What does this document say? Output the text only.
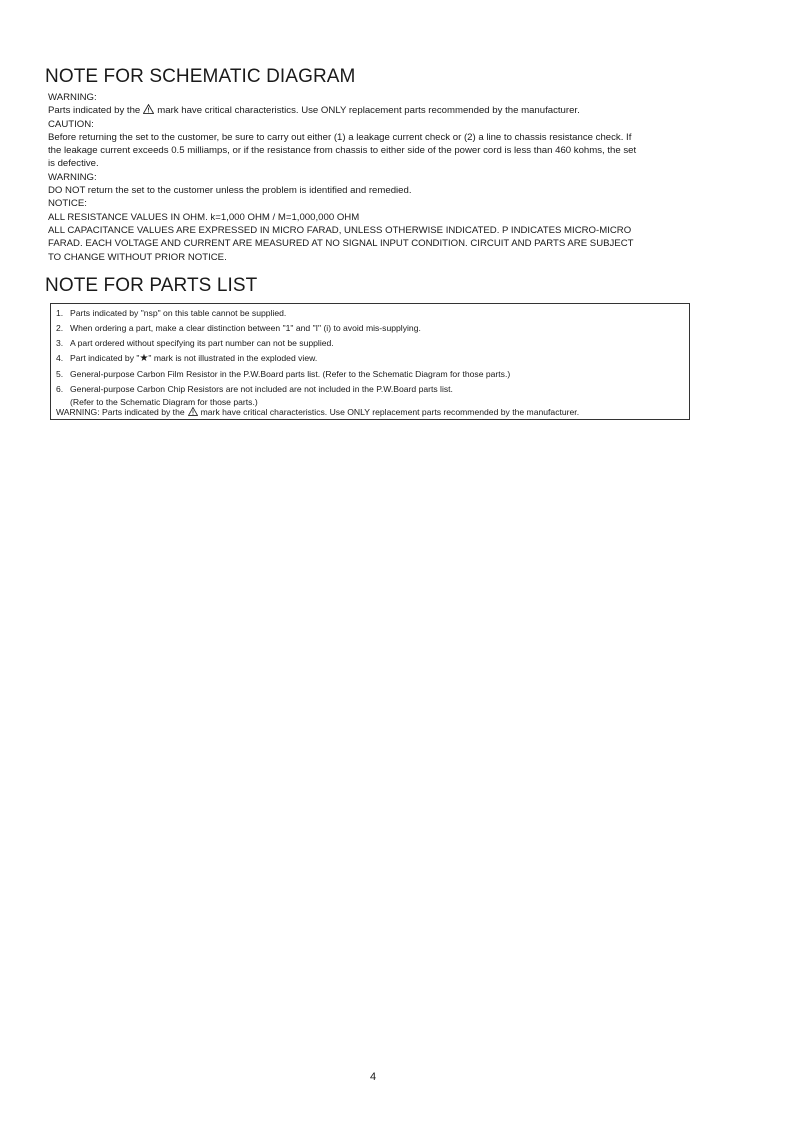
NOTE FOR SCHEMATIC DIAGRAM
WARNING:
Parts indicated by the mark have critical characteristics. Use ONLY replacement parts recommended by the manufacturer.
CAUTION:
Before returning the set to the customer, be sure to carry out either (1) a leakage current check or (2) a line to chassis resistance check. If
the leakage current exceeds 0.5 milliamps, or if the resistance from chassis to either side of the power cord is less than 460 kohms, the set
is defective.
WARNING:
DO NOT return the set to the customer unless the problem is identified and remedied.
NOTICE:
ALL RESISTANCE VALUES IN OHM. k=1,000 OHM / M=1,000,000 OHM
ALL CAPACITANCE VALUES ARE EXPRESSED IN MICRO FARAD, UNLESS OTHERWISE INDICATED. P INDICATES MICRO-MICRO
FARAD. EACH VOLTAGE AND CURRENT ARE MEASURED AT NO SIGNAL INPUT CONDITION. CIRCUIT AND PARTS ARE SUBJECT
TO CHANGE WITHOUT PRIOR NOTICE.
NOTE FOR PARTS LIST
1. Parts indicated by "nsp" on this table cannot be supplied.
2. When ordering a part, make a clear distinction between "1" and "I" (i) to avoid mis-supplying.
3. A part ordered without specifying its part number can not be supplied.
4. Part indicated by "★" mark is not illustrated in the exploded view.
5. General-purpose Carbon Film Resistor in the P.W.Board parts list. (Refer to the Schematic Diagram for those parts.)
6. General-purpose Carbon Chip Resistors are not included are not included in the P.W.Board parts list.
(Refer to the Schematic Diagram for those parts.)
WARNING: Parts indicated by the mark have critical characteristics. Use ONLY replacement parts recommended by the manufacturer.
4
